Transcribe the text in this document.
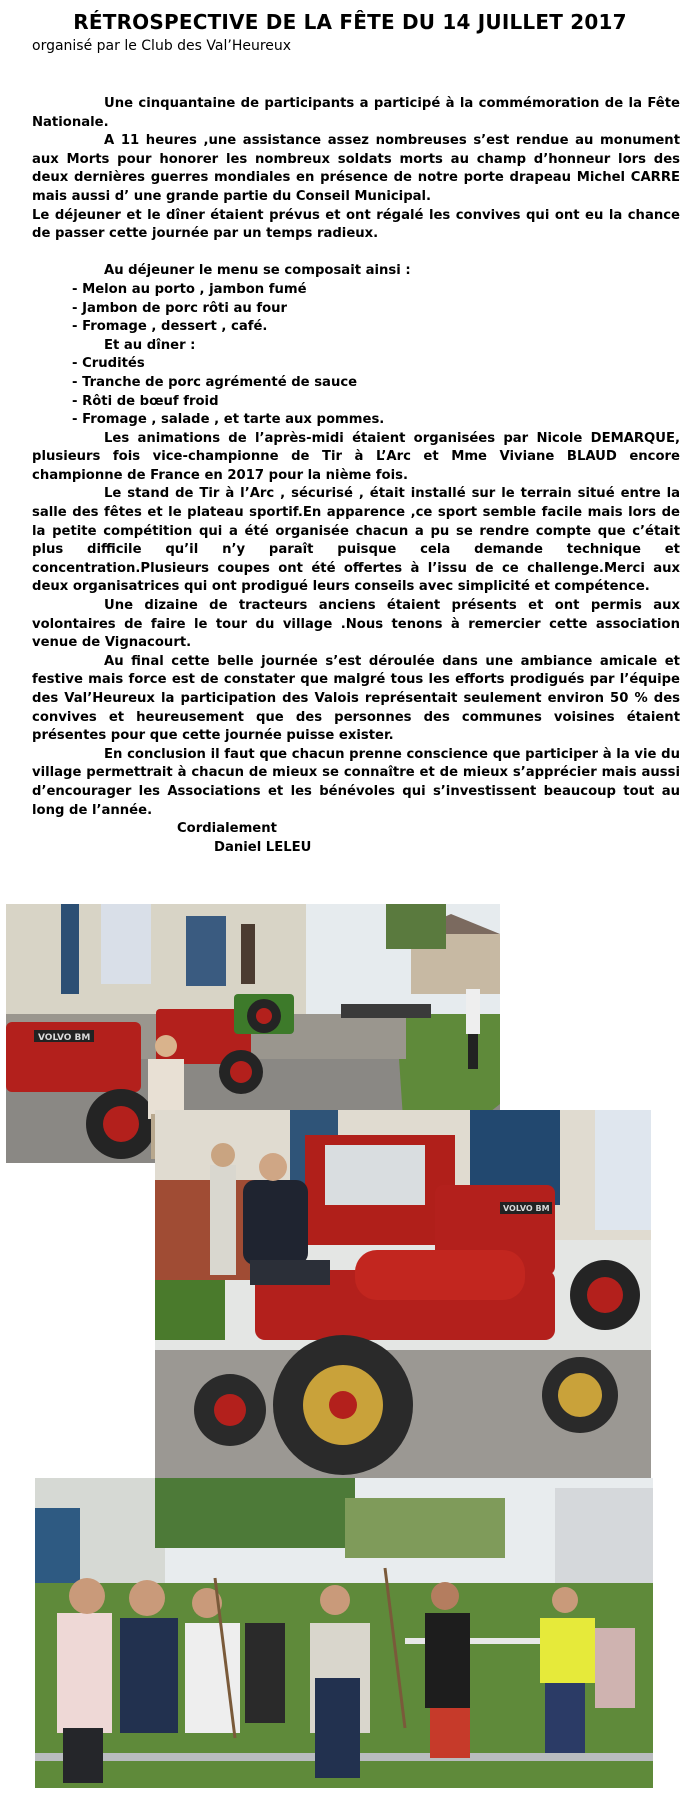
RÉTROSPECTIVE DE LA FÊTE DU 14 JUILLET 2017
organisé par le Club des Val’Heureux

Une cinquantaine de participants a participé à la commémoration de la Fête Nationale.

A 11 heures ,une assistance assez nombreuses s’est rendue au monument aux Morts pour honorer les nombreux soldats morts au champ d’honneur lors des deux dernières guerres mondiales en présence de notre porte drapeau Michel CARRE mais aussi d’ une grande partie du Conseil Municipal.

Le déjeuner et le dîner étaient prévus et ont régalé les convives qui ont eu la chance de passer cette journée par un temps radieux.

Au déjeuner le menu se composait ainsi :

- Melon au porto , jambon fumé

- Jambon de porc rôti au four

- Fromage , dessert , café.

Et au dîner :

- Crudités

- Tranche de porc agrémenté de sauce

- Rôti de bœuf froid

- Fromage , salade , et tarte aux pommes.

Les animations de l’après-midi étaient organisées par Nicole DEMARQUE, plusieurs fois vice-championne de Tir à L’Arc et Mme Viviane BLAUD encore championne de France en 2017 pour la nième fois.

Le stand de Tir à l’Arc , sécurisé , était installé sur le terrain situé entre la salle des fêtes et le plateau sportif.En apparence ,ce sport semble facile mais lors de la petite compétition qui a été organisée chacun a pu se rendre compte que c’était plus difficile qu’il n’y paraît puisque cela demande technique et concentration.Plusieurs coupes ont été offertes à l’issu de ce challenge.Merci aux deux organisatrices qui ont prodigué leurs conseils avec simplicité et compétence.

Une dizaine de tracteurs anciens étaient présents et ont permis aux volontaires de faire le tour du village .Nous tenons à remercier cette association venue de Vignacourt.

Au final cette belle journée s’est déroulée dans une ambiance amicale et festive mais force est de constater que malgré tous les efforts prodigués par l’équipe des Val’Heureux la participation des Valois représentait seulement environ 50 % des convives et heureusement que des personnes des communes voisines étaient présentes pour que cette journée puisse exister.

En conclusion il faut que chacun prenne conscience que participer à la vie du village permettrait à chacun de mieux se connaître et de mieux s’apprécier mais aussi d’encourager les Associations et les bénévoles qui s’investissent beaucoup tout au long de l’année.

Cordialement

Daniel LELEU

VOLVO BM
VOLVO BM
